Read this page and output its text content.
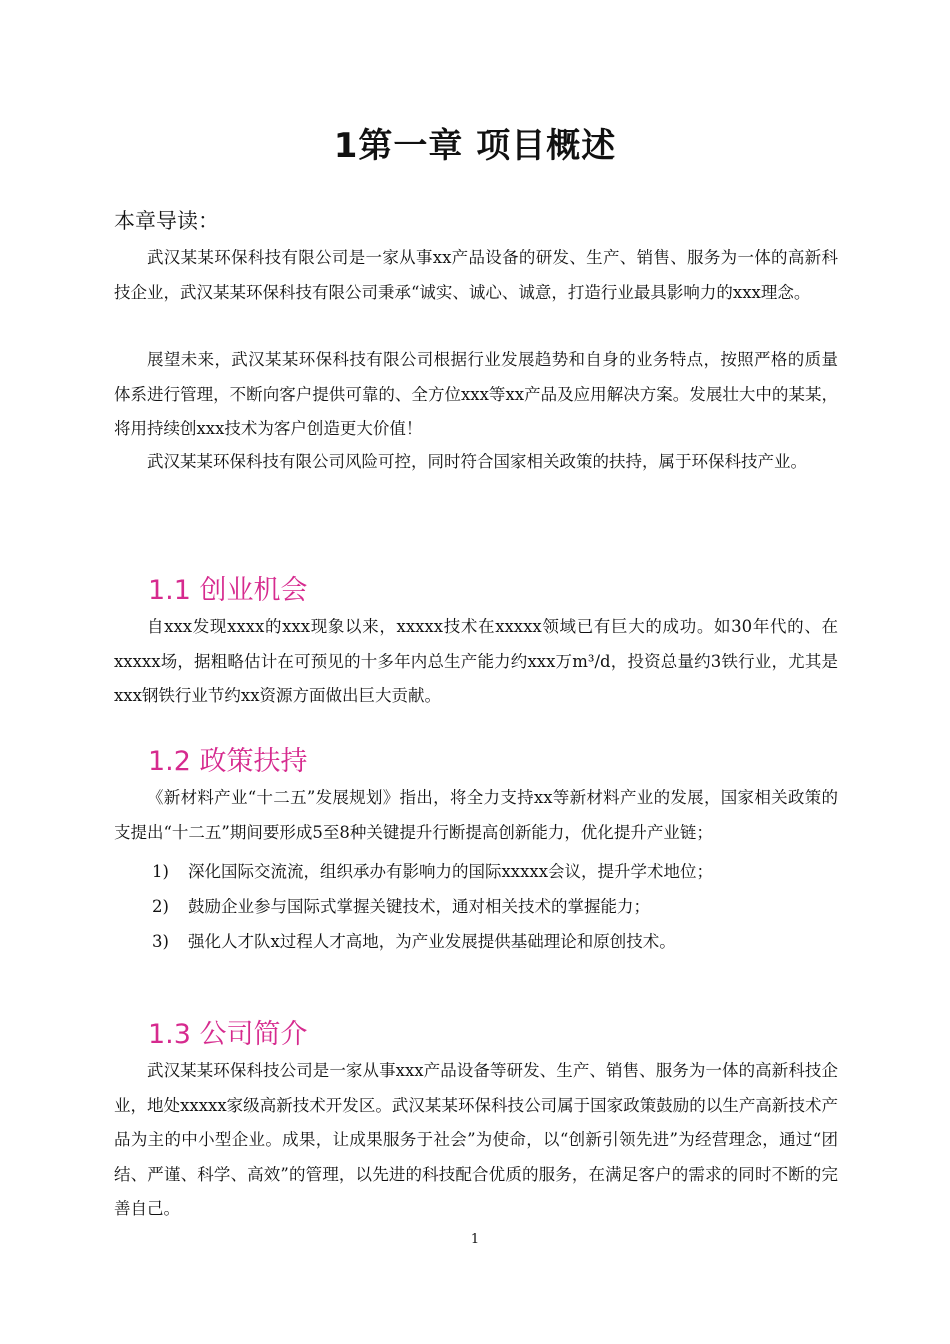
1第一章 项目概述
本章导读：

武汉某某环保科技有限公司是一家从事xx产品设备的研发、生产、销售、服务为一体的高新科技企业，武汉某某环保科技有限公司秉承“诚实、诚心、诚意，打造行业最具影响力的xxx理念。

展望未来，武汉某某环保科技有限公司根据行业发展趋势和自身的业务特点，按照严格的质量体系进行管理，不断向客户提供可靠的、全方位xxx等xx产品及应用解决方案。发展壮大中的某某，将用持续创xxx技术为客户创造更大价值！

武汉某某环保科技有限公司风险可控，同时符合国家相关政策的扶持，属于环保科技产业。

1.1 创业机会

自xxx发现xxxx的xxx现象以来，xxxxx技术在xxxxx领域已有巨大的成功。如30年代的、在xxxxx场，据粗略估计在可预见的十多年内总生产能力约xxx万m³/d，投资总量约3铁行业，尤其是xxx钢铁行业节约xx资源方面做出巨大贡献。

1.2 政策扶持

《新材料产业“十二五”发展规划》指出，将全力支持xx等新材料产业的发展，国家相关政策的支提出“十二五”期间要形成5至8种关键提升行断提高创新能力，优化提升产业链；

1)	深化国际交流流，组织承办有影响力的国际xxxxx会议，提升学术地位；
2)	鼓励企业参与国际式掌握关键技术，通对相关技术的掌握能力；
3)	强化人才队x过程人才高地，为产业发展提供基础理论和原创技术。
1.3 公司简介

武汉某某环保科技公司是一家从事xxx产品设备等研发、生产、销售、服务为一体的高新科技企业，地处xxxxx家级高新技术开发区。武汉某某环保科技公司属于国家政策鼓励的以生产高新技术产品为主的中小型企业。成果，让成果服务于社会”为使命，以“创新引领先进”为经营理念，通过“团结、严谨、科学、高效”的管理，以先进的科技配合优质的服务，在满足客户的需求的同时不断的完善自己。

1
